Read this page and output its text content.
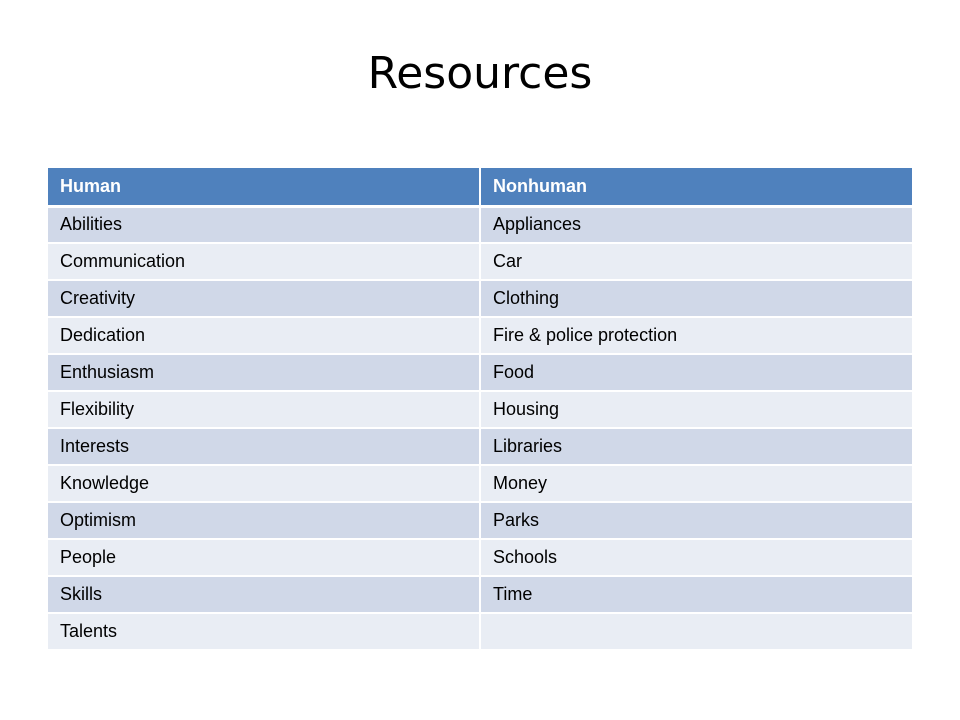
Resources
Human	Nonhuman
Abilities	Appliances
Communication	Car
Creativity	Clothing
Dedication	Fire & police protection
Enthusiasm	Food
Flexibility	Housing
Interests	Libraries
Knowledge	Money
Optimism	Parks
People	Schools
Skills	Time
Talents	
